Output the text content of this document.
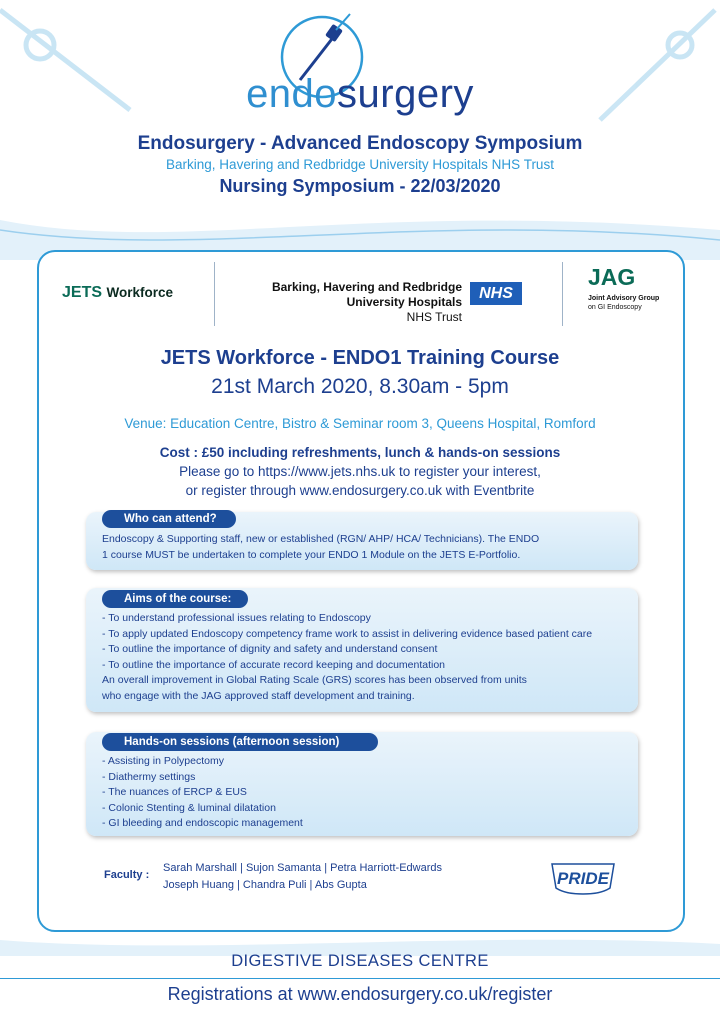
endosurgery
Endosurgery - Advanced Endoscopy Symposium
Barking, Havering and Redbridge University Hospitals NHS Trust
Nursing Symposium - 22/03/2020
JETS Workforce	Barking, Havering and Redbridge
University Hospitals
NHS Trust
NHS
JAG
Joint Advisory Group
on GI Endoscopy
JETS Workforce - ENDO1 Training Course
21st March 2020, 8.30am - 5pm
Venue: Education Centre, Bistro & Seminar room 3, Queens Hospital, Romford
Cost : £50 including refreshments, lunch & hands-on sessions
Please go to https://www.jets.nhs.uk to register your interest,
or register through www.endosurgery.co.uk with Eventbrite
Who can attend?
Endoscopy & Supporting staff, new or established (RGN/ AHP/ HCA/ Technicians). The ENDO
1 course MUST be undertaken to complete your ENDO 1 Module on the JETS E-Portfolio.
Aims of the course:
- To understand professional issues relating to Endoscopy
- To apply updated Endoscopy competency frame work to assist in delivering evidence based patient care
- To outline the importance of dignity and safety and understand consent
- To outline the importance of accurate record keeping and documentation
An overall improvement in Global Rating Scale (GRS) scores has been observed from units
who engage with the JAG approved staff development and training.
Hands-on sessions (afternoon session)
- Assisting in Polypectomy
- Diathermy settings
- The nuances of ERCP & EUS
- Colonic Stenting & luminal dilatation
- GI bleeding and endoscopic management
Faculty :
Sarah Marshall | Sujon Samanta | Petra Harriott-Edwards
Joseph Huang | Chandra Puli | Abs Gupta	PRIDE
DIGESTIVE DISEASES CENTRE
Registrations at www.endosurgery.co.uk/register
